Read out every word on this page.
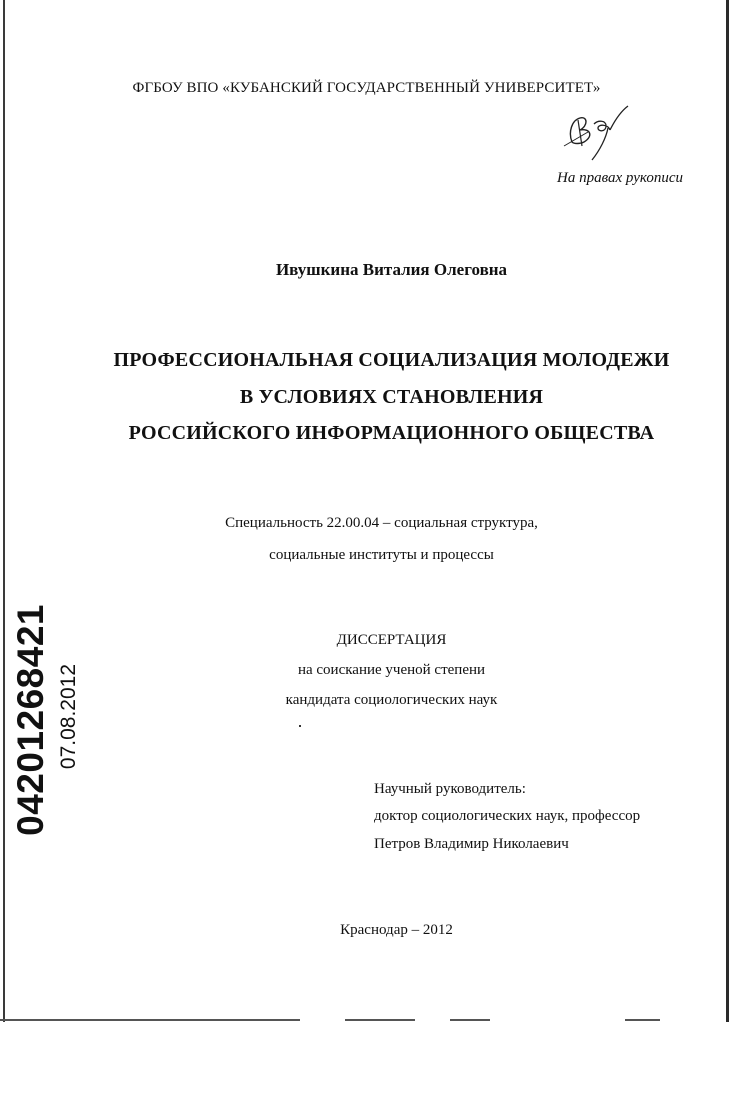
ФГБОУ ВПО «КУБАНСКИЙ ГОСУДАРСТВЕННЫЙ УНИВЕРСИТЕТ»
На правах рукописи
Ивушкина Виталия Олеговна
ПРОФЕССИОНАЛЬНАЯ СОЦИАЛИЗАЦИЯ МОЛОДЕЖИ
В УСЛОВИЯХ СТАНОВЛЕНИЯ
РОССИЙСКОГО ИНФОРМАЦИОННОГО ОБЩЕСТВА
Специальность 22.00.04 – социальная структура,
социальные институты и процессы
ДИССЕРТАЦИЯ
на соискание ученой степени
кандидата социологических наук
Научный руководитель:
доктор социологических наук, профессор
Петров Владимир Николаевич
Краснодар – 2012
04201268421 07.08.2012
